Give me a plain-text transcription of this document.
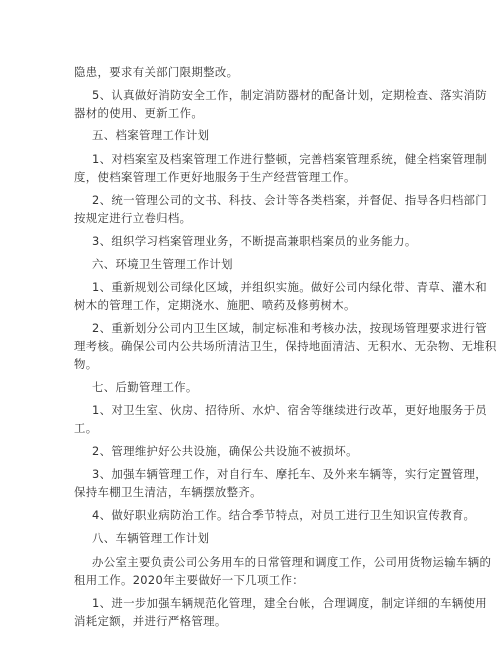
隐患，要求有关部门限期整改。

5、认真做好消防安全工作，制定消防器材的配备计划，定期检查、落实消防

器材的使用、更新工作。

五、档案管理工作计划

1、对档案室及档案管理工作进行整顿，完善档案管理系统，健全档案管理制

度，使档案管理工作更好地服务于生产经营管理工作。

2、统一管理公司的文书、科技、会计等各类档案，并督促、指导各归档部门

按规定进行立卷归档。

3、组织学习档案管理业务，不断提高兼职档案员的业务能力。

六、环境卫生管理工作计划

1、重新规划公司绿化区域，并组织实施。做好公司内绿化带、青草、灌木和

树木的管理工作，定期浇水、施肥、喷药及修剪树木。

2、重新划分公司内卫生区域，制定标准和考核办法，按现场管理要求进行管

理考核。确保公司内公共场所清洁卫生，保持地面清洁、无积水、无杂物、无堆积

物。

七、后勤管理工作。

1、对卫生室、伙房、招待所、水炉、宿舍等继续进行改革，更好地服务于员

工。

2、管理维护好公共设施，确保公共设施不被损坏。

3、加强车辆管理工作，对自行车、摩托车、及外来车辆等，实行定置管理，

保持车棚卫生清洁，车辆摆放整齐。

4、做好职业病防治工作。结合季节特点，对员工进行卫生知识宣传教育。

八、车辆管理工作计划

办公室主要负责公司公务用车的日常管理和调度工作，公司用货物运输车辆的

租用工作。2020年主要做好一下几项工作：

1、进一步加强车辆规范化管理，建全台帐，合理调度，制定详细的车辆使用

消耗定额，并进行严格管理。
